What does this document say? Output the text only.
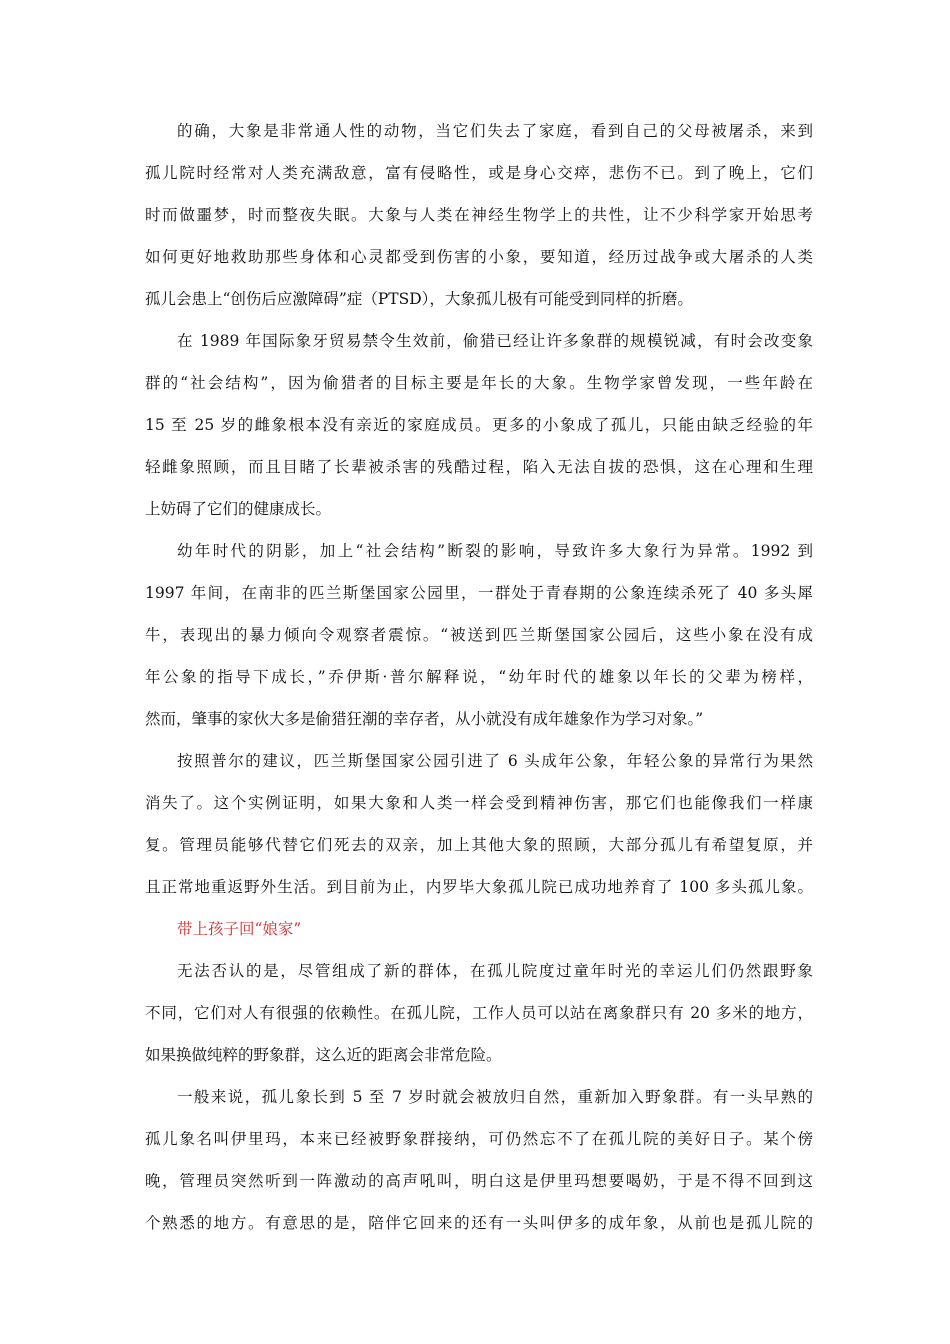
的确，大象是非常通人性的动物，当它们失去了家庭，看到自己的父母被屠杀，来到
孤儿院时经常对人类充满敌意，富有侵略性，或是身心交瘁，悲伤不已。到了晚上，它们
时而做噩梦，时而整夜失眠。大象与人类在神经生物学上的共性，让不少科学家开始思考
如何更好地救助那些身体和心灵都受到伤害的小象，要知道，经历过战争或大屠杀的人类
孤儿会患上“创伤后应激障碍”症（PTSD），大象孤儿极有可能受到同样的折磨。
在 1989 年国际象牙贸易禁令生效前，偷猎已经让许多象群的规模锐减，有时会改变象
群的“社会结构”，因为偷猎者的目标主要是年长的大象。生物学家曾发现，一些年龄在
15 至 25 岁的雌象根本没有亲近的家庭成员。更多的小象成了孤儿，只能由缺乏经验的年
轻雌象照顾，而且目睹了长辈被杀害的残酷过程，陷入无法自拔的恐惧，这在心理和生理
上妨碍了它们的健康成长。
幼年时代的阴影，加上“社会结构”断裂的影响，导致许多大象行为异常。1992 到
1997 年间，在南非的匹兰斯堡国家公园里，一群处于青春期的公象连续杀死了 40 多头犀
牛，表现出的暴力倾向令观察者震惊。“被送到匹兰斯堡国家公园后，这些小象在没有成
年公象的指导下成长，”乔伊斯·普尔解释说，“幼年时代的雄象以年长的父辈为榜样，
然而，肇事的家伙大多是偷猎狂潮的幸存者，从小就没有成年雄象作为学习对象。”
按照普尔的建议，匹兰斯堡国家公园引进了 6 头成年公象，年轻公象的异常行为果然
消失了。这个实例证明，如果大象和人类一样会受到精神伤害，那它们也能像我们一样康
复。管理员能够代替它们死去的双亲，加上其他大象的照顾，大部分孤儿有希望复原，并
且正常地重返野外生活。到目前为止，内罗毕大象孤儿院已成功地养育了 100 多头孤儿象。
带上孩子回“娘家”
无法否认的是，尽管组成了新的群体，在孤儿院度过童年时光的幸运儿们仍然跟野象
不同，它们对人有很强的依赖性。在孤儿院，工作人员可以站在离象群只有 20 多米的地方，
如果换做纯粹的野象群，这么近的距离会非常危险。
一般来说，孤儿象长到 5 至 7 岁时就会被放归自然，重新加入野象群。有一头早熟的
孤儿象名叫伊里玛，本来已经被野象群接纳，可仍然忘不了在孤儿院的美好日子。某个傍
晚，管理员突然听到一阵激动的高声吼叫，明白这是伊里玛想要喝奶，于是不得不回到这
个熟悉的地方。有意思的是，陪伴它回来的还有一头叫伊多的成年象，从前也是孤儿院的
